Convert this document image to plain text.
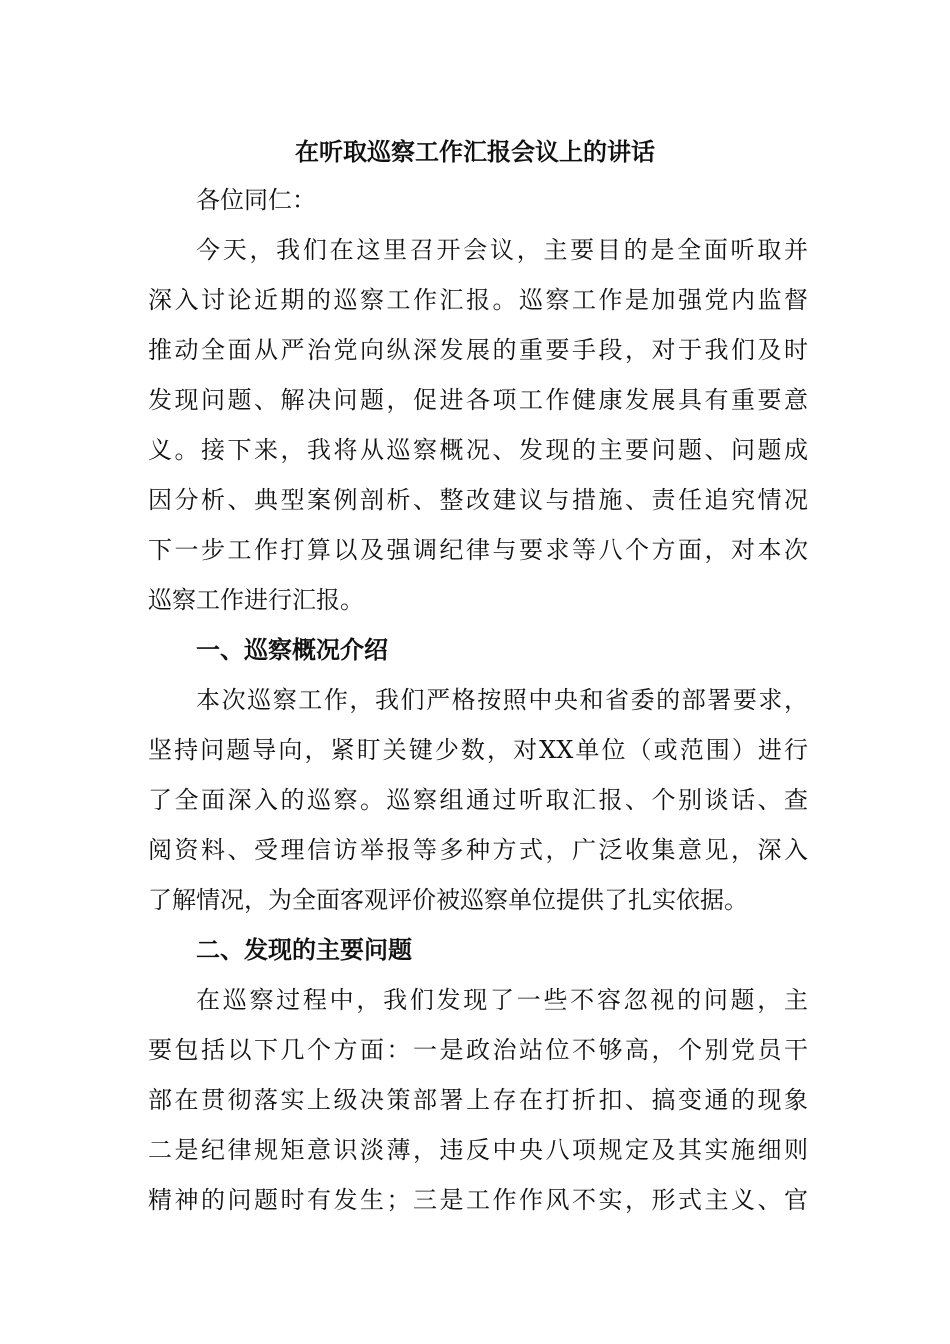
在听取巡察工作汇报会议上的讲话
各位同仁：
今天，我们在这里召开会议，主要目的是全面听取并
深入讨论近期的巡察工作汇报。巡察工作是加强党内监督
推动全面从严治党向纵深发展的重要手段，对于我们及时
发现问题、解决问题，促进各项工作健康发展具有重要意
义。接下来，我将从巡察概况、发现的主要问题、问题成
因分析、典型案例剖析、整改建议与措施、责任追究情况
下一步工作打算以及强调纪律与要求等八个方面，对本次
巡察工作进行汇报。
一、巡察概况介绍
本次巡察工作，我们严格按照中央和省委的部署要求，
坚持问题导向，紧盯关键少数，对XX单位（或范围）进行
了全面深入的巡察。巡察组通过听取汇报、个别谈话、查
阅资料、受理信访举报等多种方式，广泛收集意见，深入
了解情况，为全面客观评价被巡察单位提供了扎实依据。
二、发现的主要问题
在巡察过程中，我们发现了一些不容忽视的问题，主
要包括以下几个方面：一是政治站位不够高，个别党员干
部在贯彻落实上级决策部署上存在打折扣、搞变通的现象
二是纪律规矩意识淡薄，违反中央八项规定及其实施细则
精神的问题时有发生；三是工作作风不实，形式主义、官
